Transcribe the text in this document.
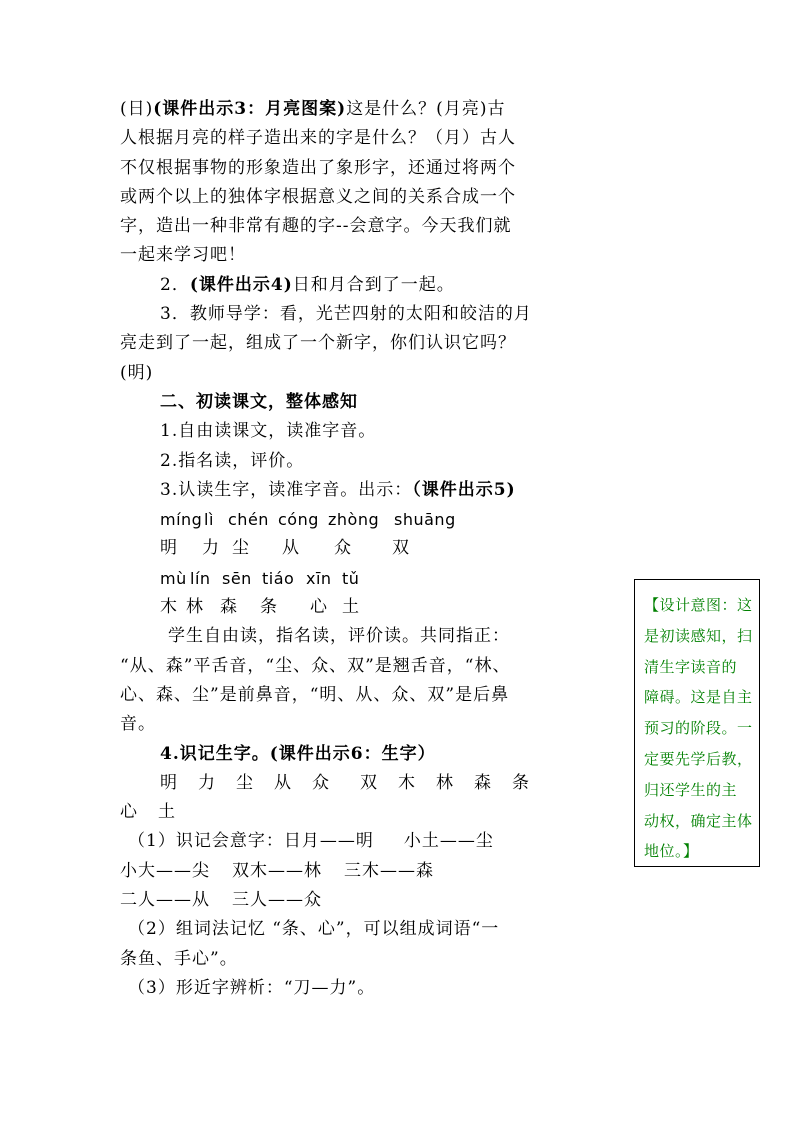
(日)(课件出示3：月亮图案)这是什么？(月亮)古
人根据月亮的样子造出来的字是什么？（月）古人
不仅根据事物的形象造出了象形字，还通过将两个
或两个以上的独体字根据意义之间的关系合成一个
字，造出一种非常有趣的字--会意字。今天我们就
一起来学习吧！
2．(课件出示4)日和月合到了一起。
3．教师导学：看，光芒四射的太阳和皎洁的月
亮走到了一起，组成了一个新字，你们认识它吗？
(明)
二、初读课文，整体感知
1.自由读课文，读准字音。
2.指名读，评价。
3.认读生字，读准字音。出示：（课件出示5)
míng lì chén cóng zhòng shuāng
明 力 尘 从 众 双
mù lín sēn tiáo xīn tǔ
木 林 森 条 心 土
学生自由读，指名读，评价读。共同指正：
“从、森”平舌音，“尘、众、双”是翘舌音，“林、
心、森、尘”是前鼻音，“明、从、众、双”是后鼻
音。
4.识记生字。(课件出示6：生字）
明 力 尘 从 众 双 木 林 森 条
心 土
（1）识记会意字：日月——明 小土——尘
小大——尖 双木——林 三木——森
二人——从 三人——众
（2）组词法记忆 “条、心”，可以组成词语“一
条鱼、手心”。
（3）形近字辨析：“刀—力”。
【设计意图：这
是初读感知，扫
清生字读音的
障碍。这是自主
预习的阶段。一
定要先学后教，
归还学生的主
动权，确定主体
地位。】
